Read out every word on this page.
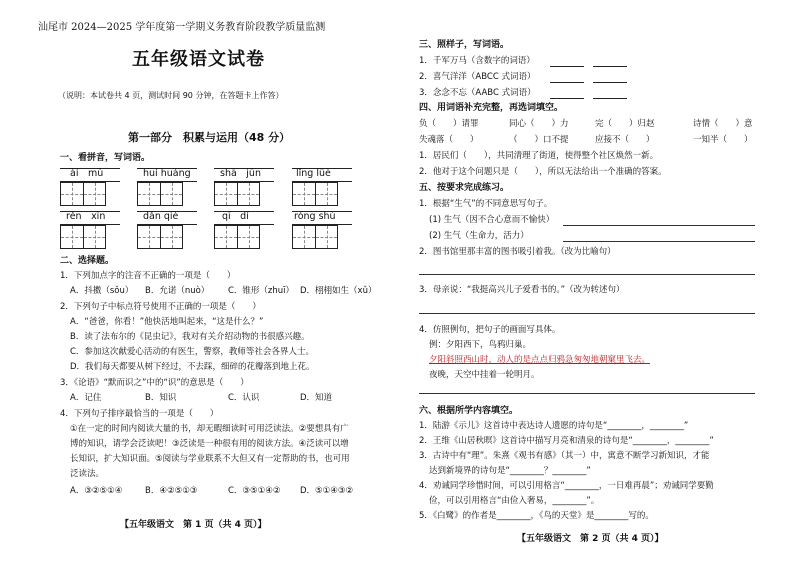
汕尾市 2024—2025 学年度第一学期义务教育阶段教学质量监测
五年级语文试卷
（说明：本试卷共 4 页，测试时间 90 分钟，在答题卡上作答）
第一部分　积累与运用（48 分）
一、看拼音，写词语。
ài　mù	huí huáng	shā　jūn	lǐng lüè
rěn　xīn	dǎn qiè	qī　dí	róng shù
二、选择题。
1．下列加点字的注音不正确的一项是（　　）
A．抖擞（sǒu） B．允诺（nuò） C．锥形（zhuī） D．栩栩如生（xǔ）
2．下列句子中标点符号使用不正确的一项是（　　）
A．“爸爸，你看！”他快活地叫起来，“这是什么？”
B．读了法布尔的《昆虫记》，我对有关介绍动物的书很感兴趣。
C．参加这次献爱心活动的有医生，警察，教师等社会各界人士。
D．我们每天都要从树下经过，不去踩，细碎的花瓣落到地上花。
3．《论语》“默而识之”中的“识”的意思是（　　）
A．记住	B．知识	C．认识	D．知道
4．下列句子排序最恰当的一项是（　　）
①在一定的时间内阅读大量的书，却无暇细读时可用泛读法。②要想具有广
博的知识，请学会泛读吧！③泛读是一种很有用的阅读方法。④泛读可以增
长知识，扩大知识面。⑤阅读与学业联系不大但又有一定帮助的书，也可用
泛读法。
A．③②⑤①④	B．④②⑤①③	C．③⑤①④② D．⑤①④③②
【五年级语文　第 1 页（共 4 页）】
三、照样子，写词语。
1．千军万马（含数字的词语）
2．喜气洋洋（ABCC 式词语）
3．念念不忘（AABC 式词语）
四、用词语补充完整，再选词填空。
负（　　）请罪	同心（　　）力	完（　　）归赵	诗情（　　）意
失魂落（　　）	（　　）口不提	应接不（　　）	一知半（　　）
1．居民们（　　），共同清理了街道，使得整个社区焕然一新。
2．他对于这个问题只是（　　），所以无法给出一个准确的答案。
五、按要求完成练习。
1．根据“生气”的不同意思写句子。
(1) 生气（因不合心意而不愉快）
(2) 生气（生命力，活力）
2．图书馆里那丰富的图书吸引着我。（改为比喻句）
3．母亲说：“我挺高兴儿子爱看书的。”（改为转述句）
4．仿照例句，把句子的画面写具体。
例：夕阳西下，鸟鸦归巢。
夕阳斜照西山时，动人的是点点归鸦急匆匆地朝窠里飞去。
夜晚，天空中挂着一轮明月。
六、根据所学内容填空。
1．陆游《示儿》这首诗中表达诗人遗愿的诗句是“________，________”
2．王维《山居秋暝》这首诗中描写月亮和清泉的诗句是“________，________”
3．古诗中有“理”。朱熹《观书有感》（其一）中，寓意不断学习新知识，才能
达到新境界的诗句是“________？________”
4．劝诫同学珍惜时间，可以引用格言“________，一日难再晨”；劝诫同学要勤
俭，可以引用格言“由俭入奢易，________”。
5．《白鹭》的作者是________，《鸟的天堂》是________写的。
【五年级语文　第 2 页（共 4 页）】
